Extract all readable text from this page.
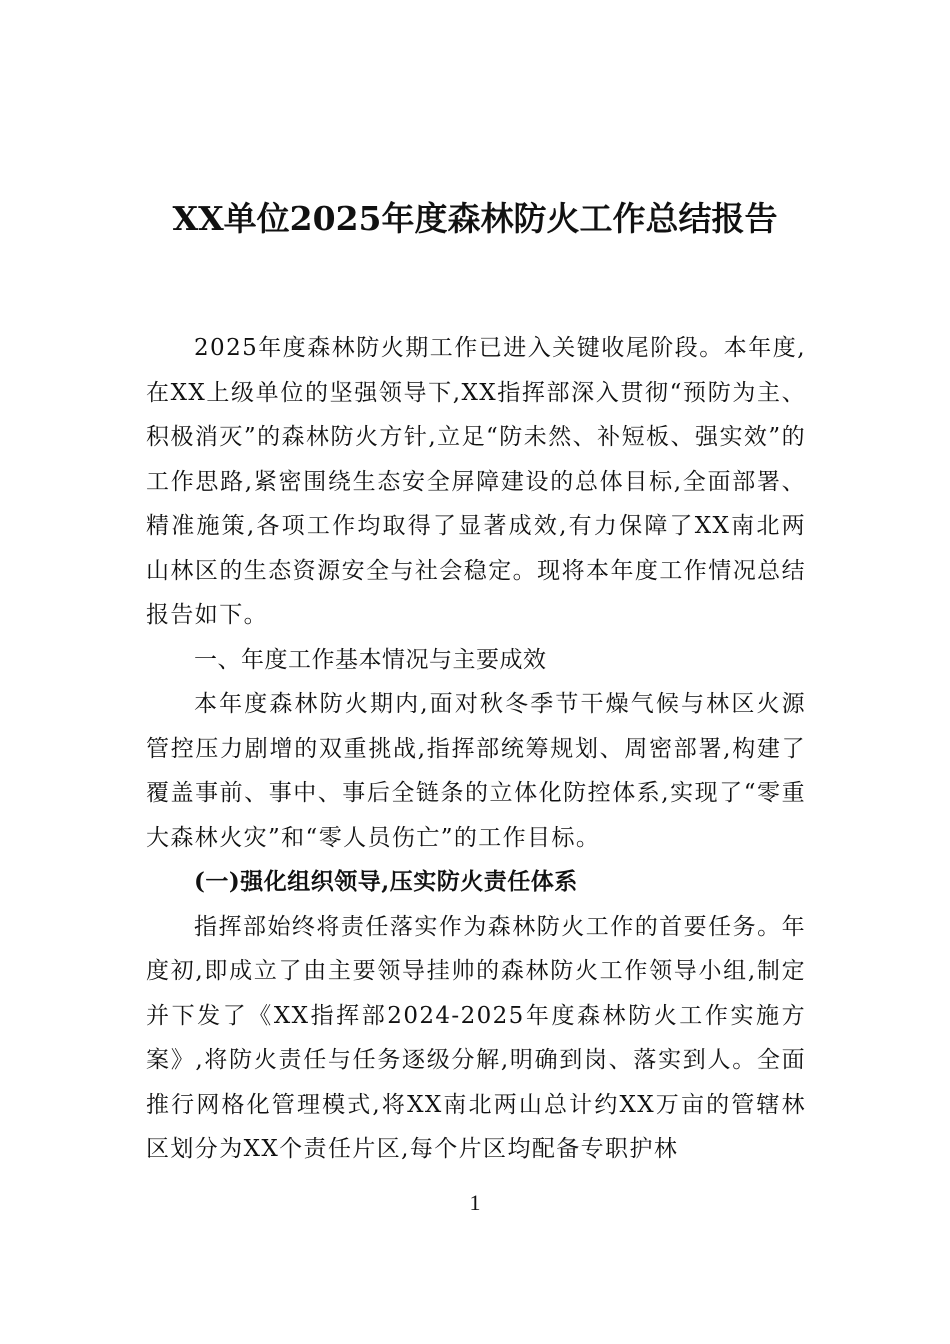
XX单位2025年度森林防火工作总结报告

2025年度森林防火期工作已进入关键收尾阶段。本年度,在XX上级单位的坚强领导下,XX指挥部深入贯彻“预防为主、积极消灭”的森林防火方针,立足“防未然、补短板、强实效”的工作思路,紧密围绕生态安全屏障建设的总体目标,全面部署、精准施策,各项工作均取得了显著成效,有力保障了XX南北两山林区的生态资源安全与社会稳定。现将本年度工作情况总结报告如下。

一、年度工作基本情况与主要成效

本年度森林防火期内,面对秋冬季节干燥气候与林区火源管控压力剧增的双重挑战,指挥部统筹规划、周密部署,构建了覆盖事前、事中、事后全链条的立体化防控体系,实现了“零重大森林火灾”和“零人员伤亡”的工作目标。

(一)强化组织领导,压实防火责任体系

指挥部始终将责任落实作为森林防火工作的首要任务。年度初,即成立了由主要领导挂帅的森林防火工作领导小组,制定并下发了《XX指挥部2024-2025年度森林防火工作实施方案》,将防火责任与任务逐级分解,明确到岗、落实到人。全面推行网格化管理模式,将XX南北两山总计约XX万亩的管辖林区划分为XX个责任片区,每个片区均配备专职护林

1
